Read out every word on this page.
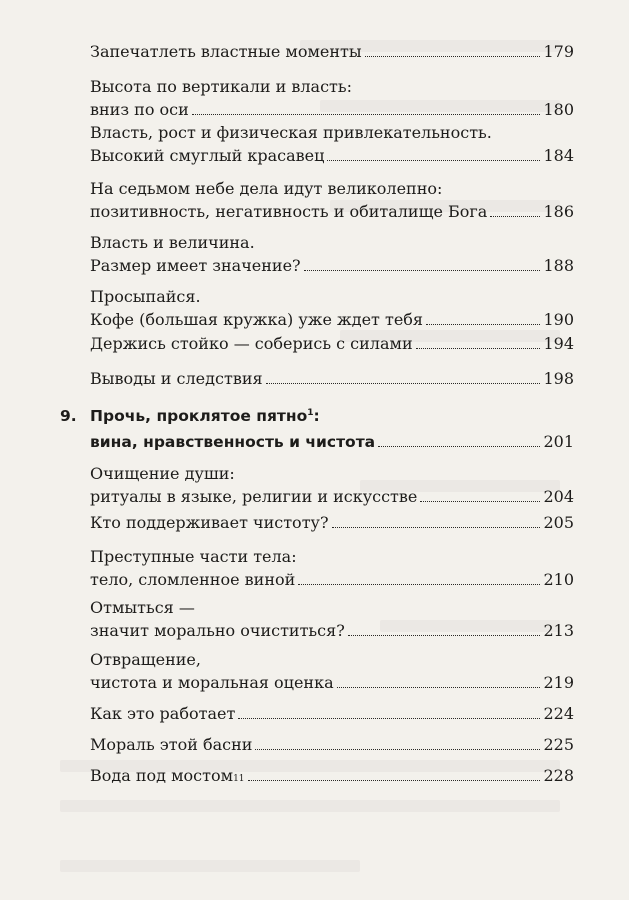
Запечатлеть властные моменты	179
Высота по вертикали и власть:
вниз по оси	180
Власть, рост и физическая привлекательность.
Высокий смуглый красавец	184
На седьмом небе дела идут великолепно:
позитивность, негативность и обиталище Бога	186
Власть и величина.
Размер имеет значение?	188
Просыпайся.
Кофе (большая кружка) уже ждет тебя	190
Держись стойко — соберись с силами	194
Выводы и следствия	198
9. Прочь, проклятое пятно$^1$:
вина, нравственность и чистота	201
Очищение души:
ритуалы в языке, религии и искусстве	204
Кто поддерживает чистоту?	205
Преступные части тела:
тело, сломленное виной	210
Отмыться —
значит морально очиститься?	213
Отвращение,
чистота и моральная оценка	219
Как это работает	224
Мораль этой басни	225
Вода под мостом 11	228
